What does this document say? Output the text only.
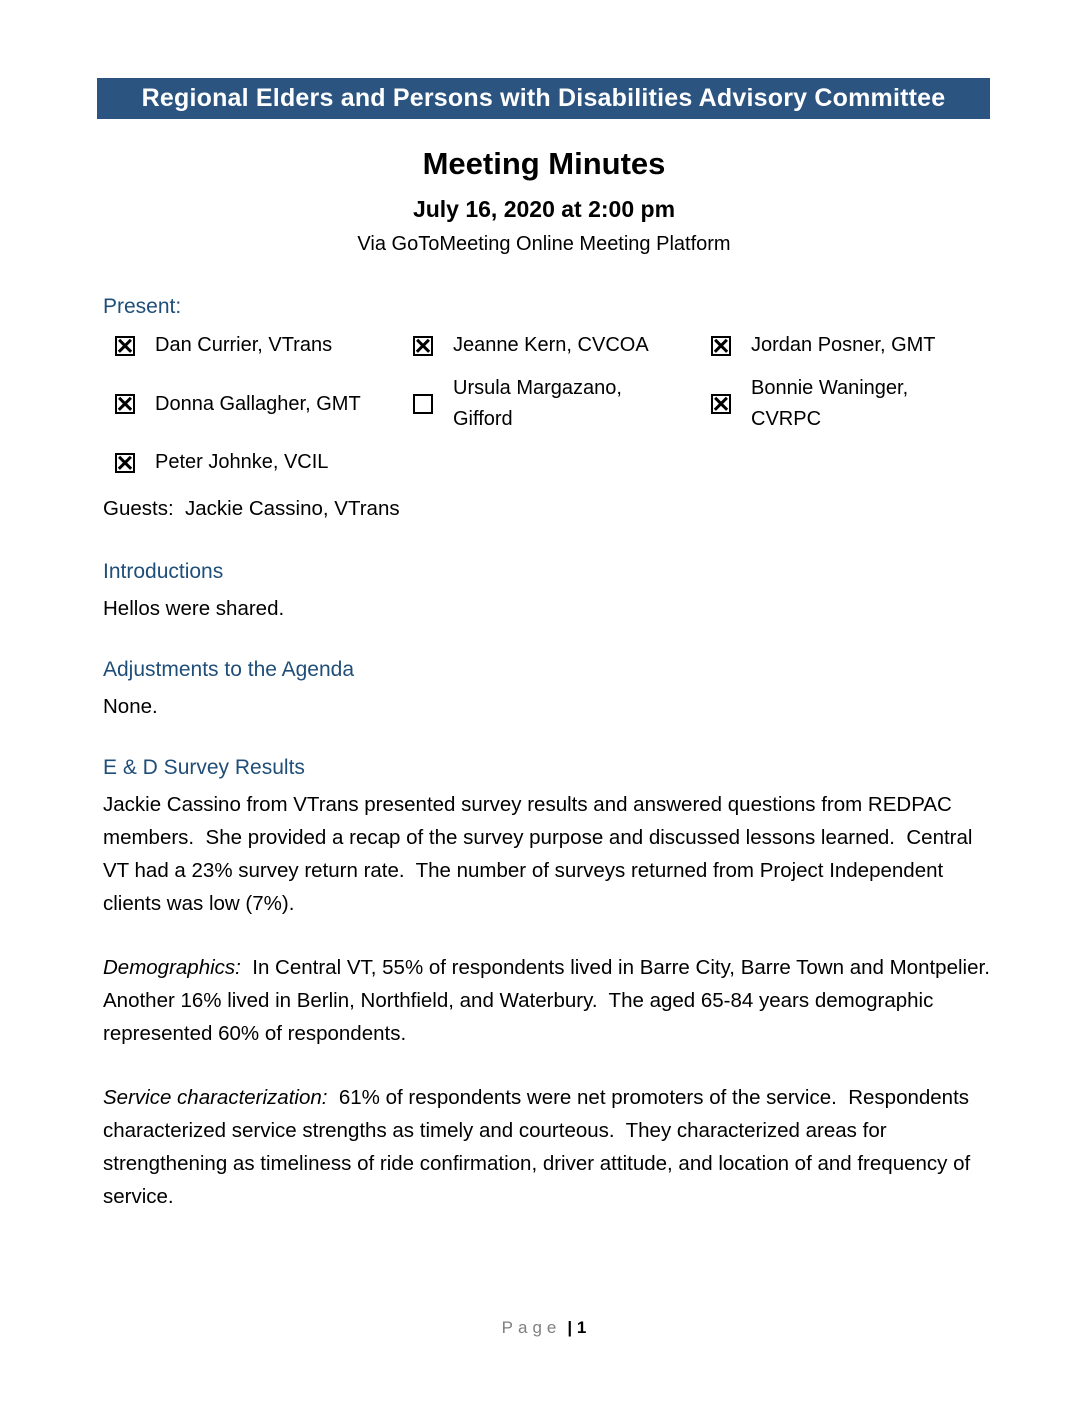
Regional Elders and Persons with Disabilities Advisory Committee
Meeting Minutes
July 16, 2020 at 2:00 pm
Via GoToMeeting Online Meeting Platform
Present:
Dan Currier, VTrans	Jeanne Kern, CVCOA	Jordan Posner, GMT
Donna Gallagher, GMT
Ursula Margazano, Gifford
Bonnie Waninger, CVRPC
Peter Johnke, VCIL
Guests:  Jackie Cassino, VTrans
Introductions
Hellos were shared.
Adjustments to the Agenda
None.
E & D Survey Results
Jackie Cassino from VTrans presented survey results and answered questions from REDPAC members.  She provided a recap of the survey purpose and discussed lessons learned.  Central VT had a 23% survey return rate.  The number of surveys returned from Project Independent clients was low (7%).
Demographics:  In Central VT, 55% of respondents lived in Barre City, Barre Town and Montpelier.  Another 16% lived in Berlin, Northfield, and Waterbury.  The aged 65-84 years demographic represented 60% of respondents.
Service characterization:  61% of respondents were net promoters of the service.  Respondents characterized service strengths as timely and courteous.  They characterized areas for strengthening as timeliness of ride confirmation, driver attitude, and location of and frequency of service.
Page | 1
